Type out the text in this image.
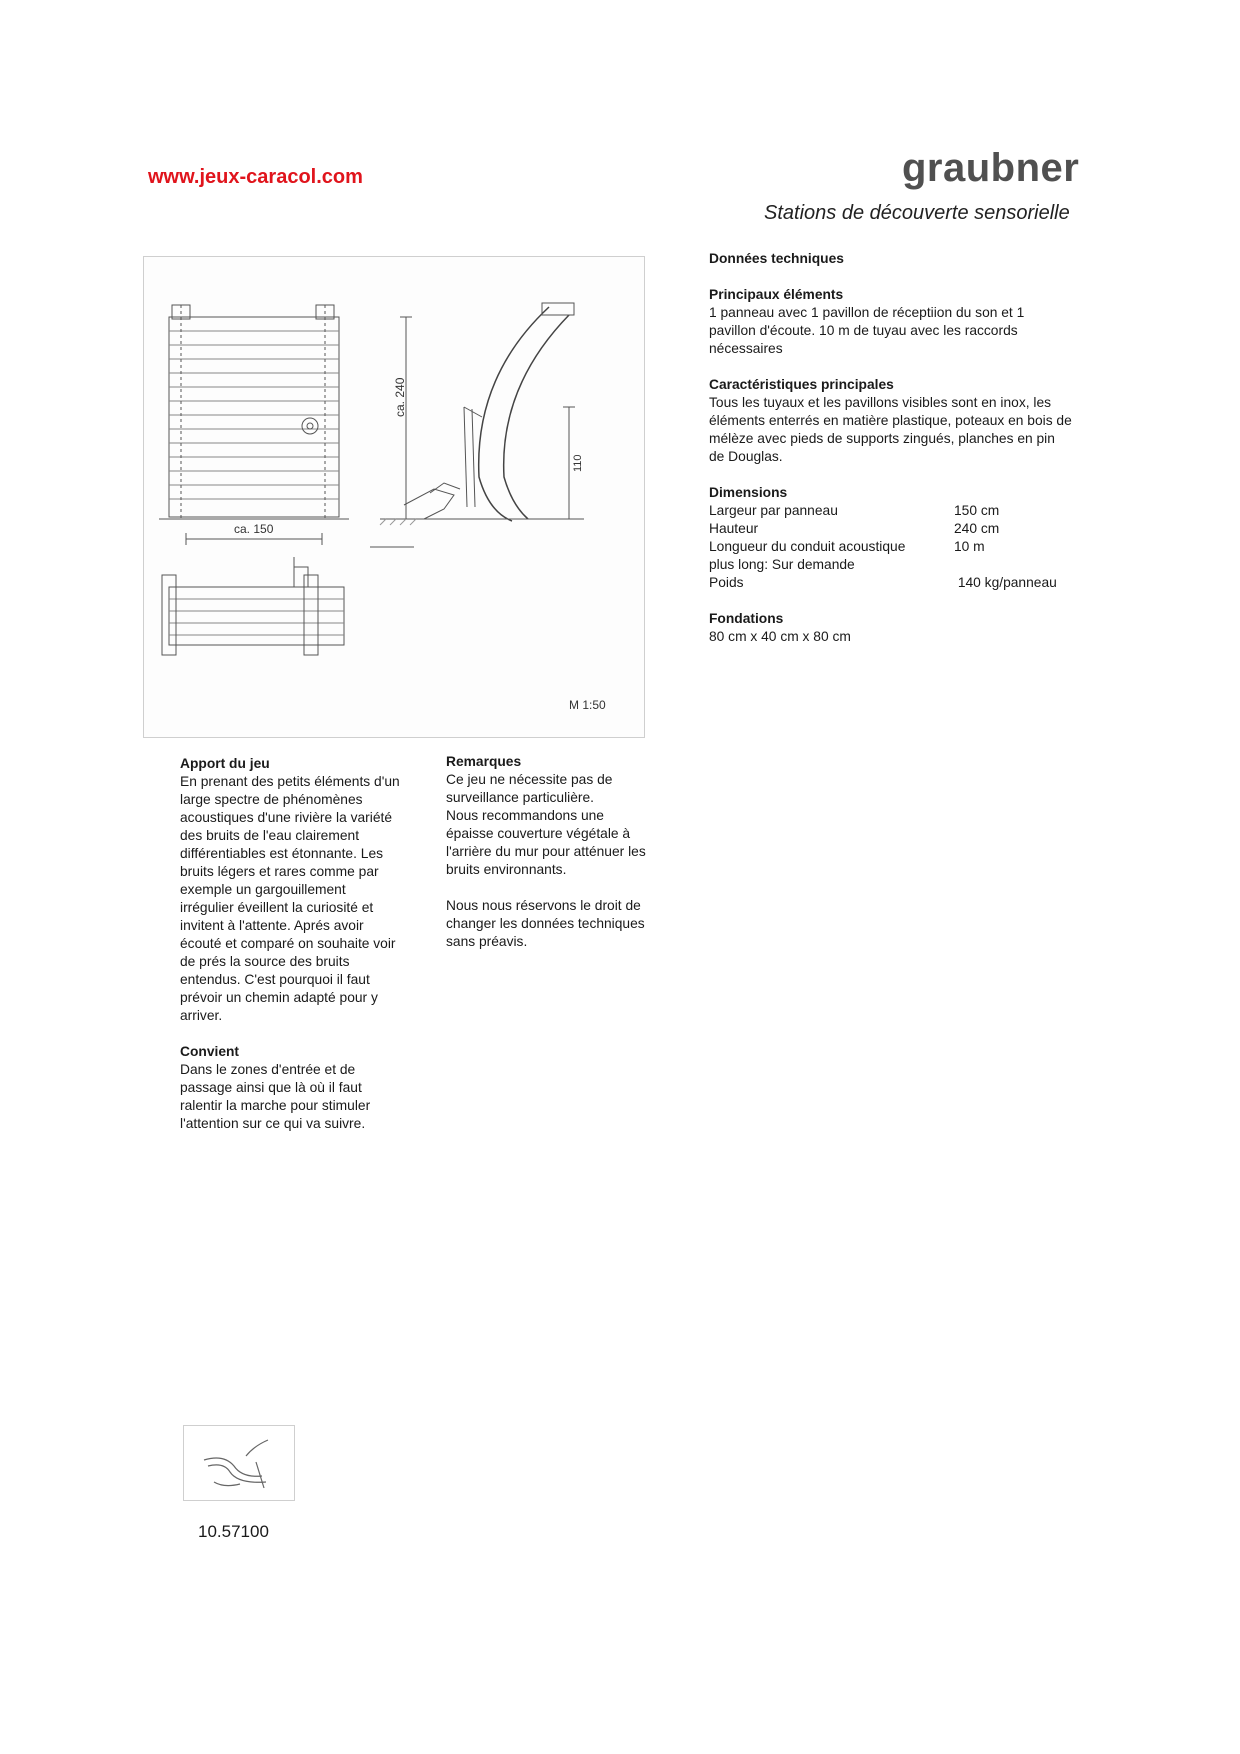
www.jeux-caracol.com	graubner
Stations de découverte sensorielle
ca. 240
ca. 150
110
M 1:50

Données techniques

Principaux éléments

1 panneau avec 1 pavillon de réceptiion du son et 1

pavillon d'écoute. 10 m de tuyau avec les raccords

nécessaires

Caractéristiques principales

Tous les tuyaux et les pavillons visibles sont en inox, les

éléments enterrés en matière plastique, poteaux en bois de

mélèze avec pieds de supports zingués, planches en pin

de Douglas.

Dimensions

Largeur par panneau	150 cm
Hauteur	240 cm
Longueur du conduit acoustique	10 m
plus long: Sur demande
Poids	140 kg/panneau

Fondations

80 cm x 40 cm x 80 cm

Apport du jeu

En prenant des petits éléments d'un

large spectre de phénomènes

acoustiques d'une rivière la variété

des bruits de l'eau clairement

différentiables est étonnante. Les

bruits légers et rares comme par

exemple un gargouillement

irrégulier éveillent la curiosité et

invitent à l'attente. Aprés avoir

écouté et comparé on souhaite voir

de prés la source des bruits

entendus. C'est pourquoi il faut

prévoir un chemin adapté pour y

arriver.

Convient

Dans le zones d'entrée et de

passage ainsi que là où il faut

ralentir la marche pour stimuler

l'attention sur ce qui va suivre.

Remarques

Ce jeu ne nécessite pas de

surveillance particulière.

Nous recommandons une

épaisse couverture végétale à

l'arrière du mur pour atténuer les

bruits environnants.

Nous nous réservons le droit de

changer les données techniques

sans préavis.

10.57100
